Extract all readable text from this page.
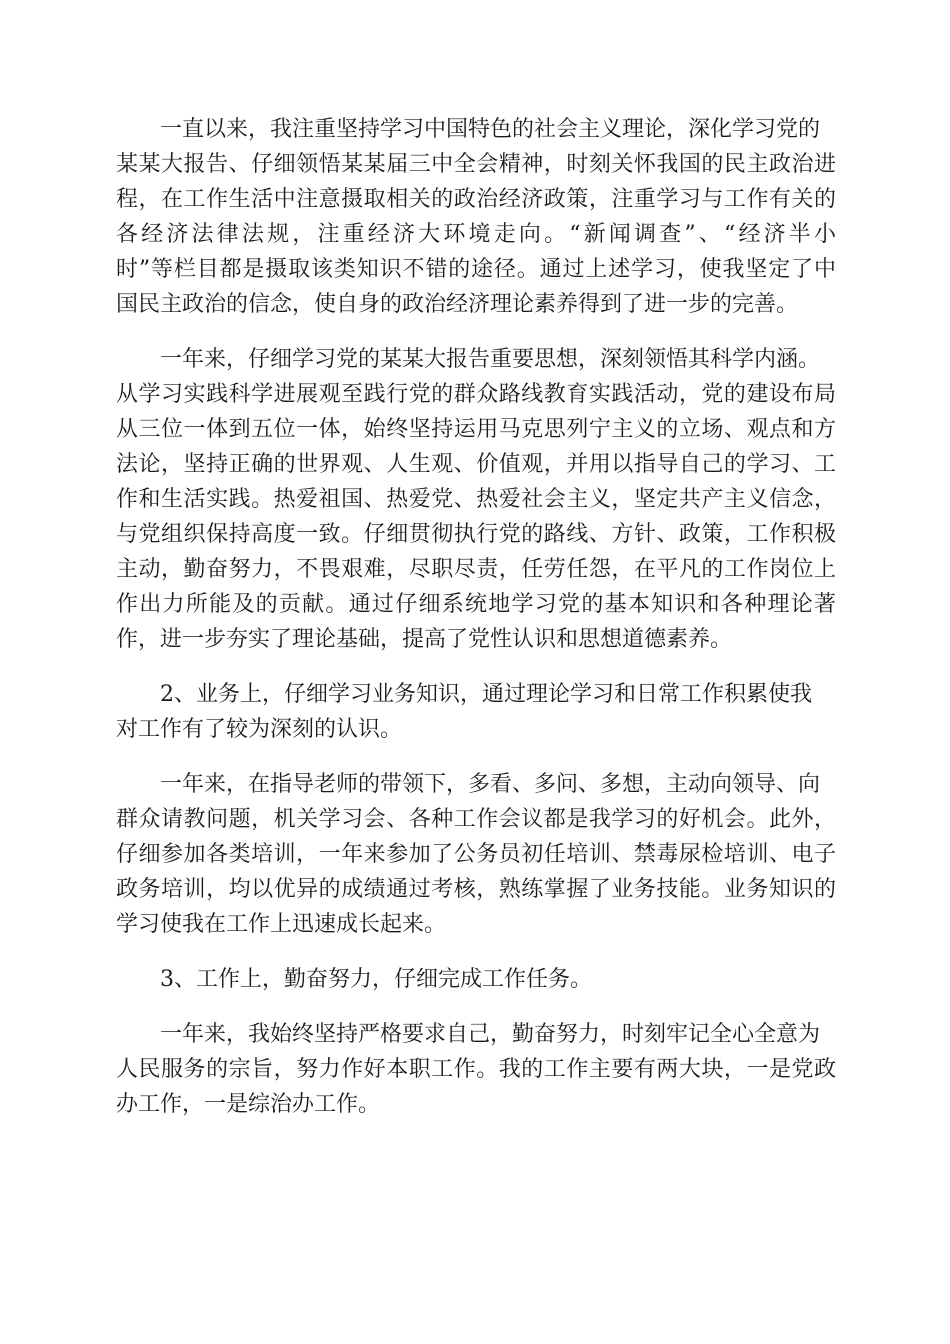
一直以来，我注重坚持学习中国特色的社会主义理论，深化学习党的
某某大报告、仔细领悟某某届三中全会精神，时刻关怀我国的民主政治进
程，在工作生活中注意摄取相关的政治经济政策，注重学习与工作有关的
各经济法律法规，注重经济大环境走向。“新闻调查”、“经济半小
时”等栏目都是摄取该类知识不错的途径。通过上述学习，使我坚定了中
国民主政治的信念，使自身的政治经济理论素养得到了进一步的完善。
一年来，仔细学习党的某某大报告重要思想，深刻领悟其科学内涵。
从学习实践科学进展观至践行党的群众路线教育实践活动，党的建设布局
从三位一体到五位一体，始终坚持运用马克思列宁主义的立场、观点和方
法论，坚持正确的世界观、人生观、价值观，并用以指导自己的学习、工
作和生活实践。热爱祖国、热爱党、热爱社会主义，坚定共产主义信念，
与党组织保持高度一致。仔细贯彻执行党的路线、方针、政策，工作积极
主动，勤奋努力，不畏艰难，尽职尽责，任劳任怨，在平凡的工作岗位上
作出力所能及的贡献。通过仔细系统地学习党的基本知识和各种理论著
作，进一步夯实了理论基础，提高了党性认识和思想道德素养。
2、业务上，仔细学习业务知识，通过理论学习和日常工作积累使我
对工作有了较为深刻的认识。
一年来，在指导老师的带领下，多看、多问、多想，主动向领导、向
群众请教问题，机关学习会、各种工作会议都是我学习的好机会。此外，
仔细参加各类培训，一年来参加了公务员初任培训、禁毒尿检培训、电子
政务培训，均以优异的成绩通过考核，熟练掌握了业务技能。业务知识的
学习使我在工作上迅速成长起来。
3、工作上，勤奋努力，仔细完成工作任务。
一年来，我始终坚持严格要求自己，勤奋努力，时刻牢记全心全意为
人民服务的宗旨，努力作好本职工作。我的工作主要有两大块，一是党政
办工作，一是综治办工作。
